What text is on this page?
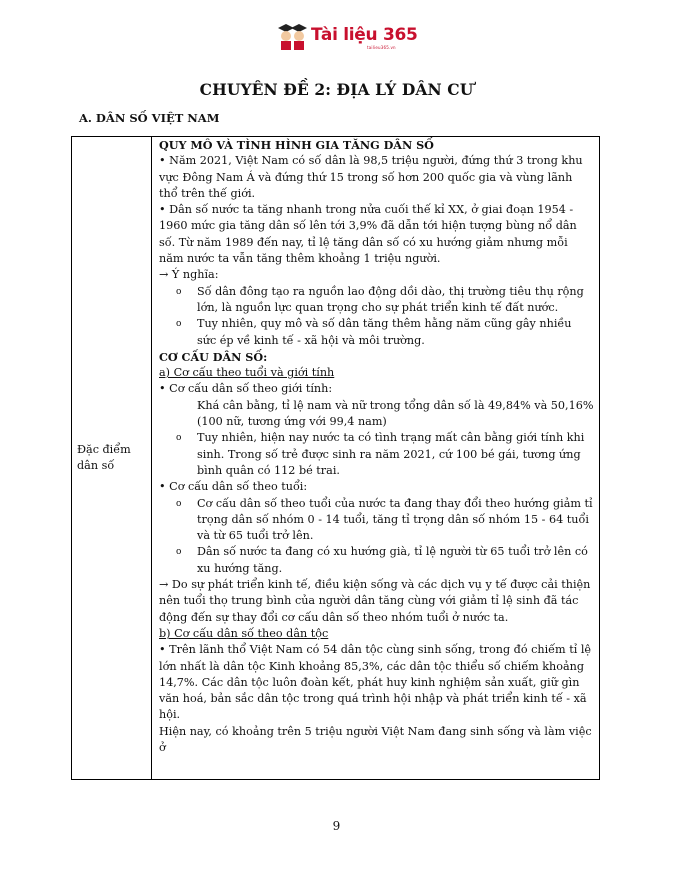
Tài liệu 365
tailieu365.vn
CHUYÊN ĐỀ 2: ĐỊA LÝ DÂN CƯ
A. DÂN SỐ VIỆT NAM
Đặc điểm dân số	

QUY MÔ VÀ TÌNH HÌNH GIA TĂNG DÂN SỐ

• Năm 2021, Việt Nam có số dân là 98,5 triệu người, đứng thứ 3 trong khu vực Đông Nam Á và đứng thứ 15 trong số hơn 200 quốc gia và vùng lãnh thổ trên thế giới.

• Dân số nước ta tăng nhanh trong nửa cuối thế kỉ XX, ở giai đoạn 1954 - 1960 mức gia tăng dân số lên tới 3,9% đã dẫn tới hiện tượng bùng nổ dân số. Từ năm 1989 đến nay, tỉ lệ tăng dân số có xu hướng giảm nhưng mỗi năm nước ta vẫn tăng thêm khoảng 1 triệu người.

→ Ý nghĩa:

o Số dân đông tạo ra nguồn lao động dồi dào, thị trường tiêu thụ rộng lớn, là nguồn lực quan trọng cho sự phát triển kinh tế đất nước.

o Tuy nhiên, quy mô và số dân tăng thêm hằng năm cũng gây nhiều sức ép về kinh tế - xã hội và môi trường.

CƠ CẤU DÂN SỐ:

a) Cơ cấu theo tuổi và giới tính

• Cơ cấu dân số theo giới tính:

Khá cân bằng, tỉ lệ nam và nữ trong tổng dân số là 49,84% và 50,16% (100 nữ, tương ứng với 99,4 nam)

o Tuy nhiên, hiện nay nước ta có tình trạng mất cân bằng giới tính khi sinh. Trong số trẻ được sinh ra năm 2021, cứ 100 bé gái, tương ứng bình quân có 112 bé trai.

• Cơ cấu dân số theo tuổi:

o Cơ cấu dân số theo tuổi của nước ta đang thay đổi theo hướng giảm tỉ trọng dân số nhóm 0 - 14 tuổi, tăng tỉ trọng dân số nhóm 15 - 64 tuổi và từ 65 tuổi trở lên.

o Dân số nước ta đang có xu hướng già, tỉ lệ người từ 65 tuổi trở lên có xu hướng tăng.

→ Do sự phát triển kinh tế, điều kiện sống và các dịch vụ y tế được cải thiện nên tuổi thọ trung bình của người dân tăng cùng với giảm tỉ lệ sinh đã tác động đến sự thay đổi cơ cấu dân số theo nhóm tuổi ở nước ta.

b) Cơ cấu dân số theo dân tộc

• Trên lãnh thổ Việt Nam có 54 dân tộc cùng sinh sống, trong đó chiếm tỉ lệ lớn nhất là dân tộc Kinh khoảng 85,3%, các dân tộc thiểu số chiếm khoảng 14,7%. Các dân tộc luôn đoàn kết, phát huy kinh nghiệm sản xuất, giữ gìn văn hoá, bản sắc dân tộc trong quá trình hội nhập và phát triển kinh tế - xã hội.

Hiện nay, có khoảng trên 5 triệu người Việt Nam đang sinh sống và làm việc ở

9
